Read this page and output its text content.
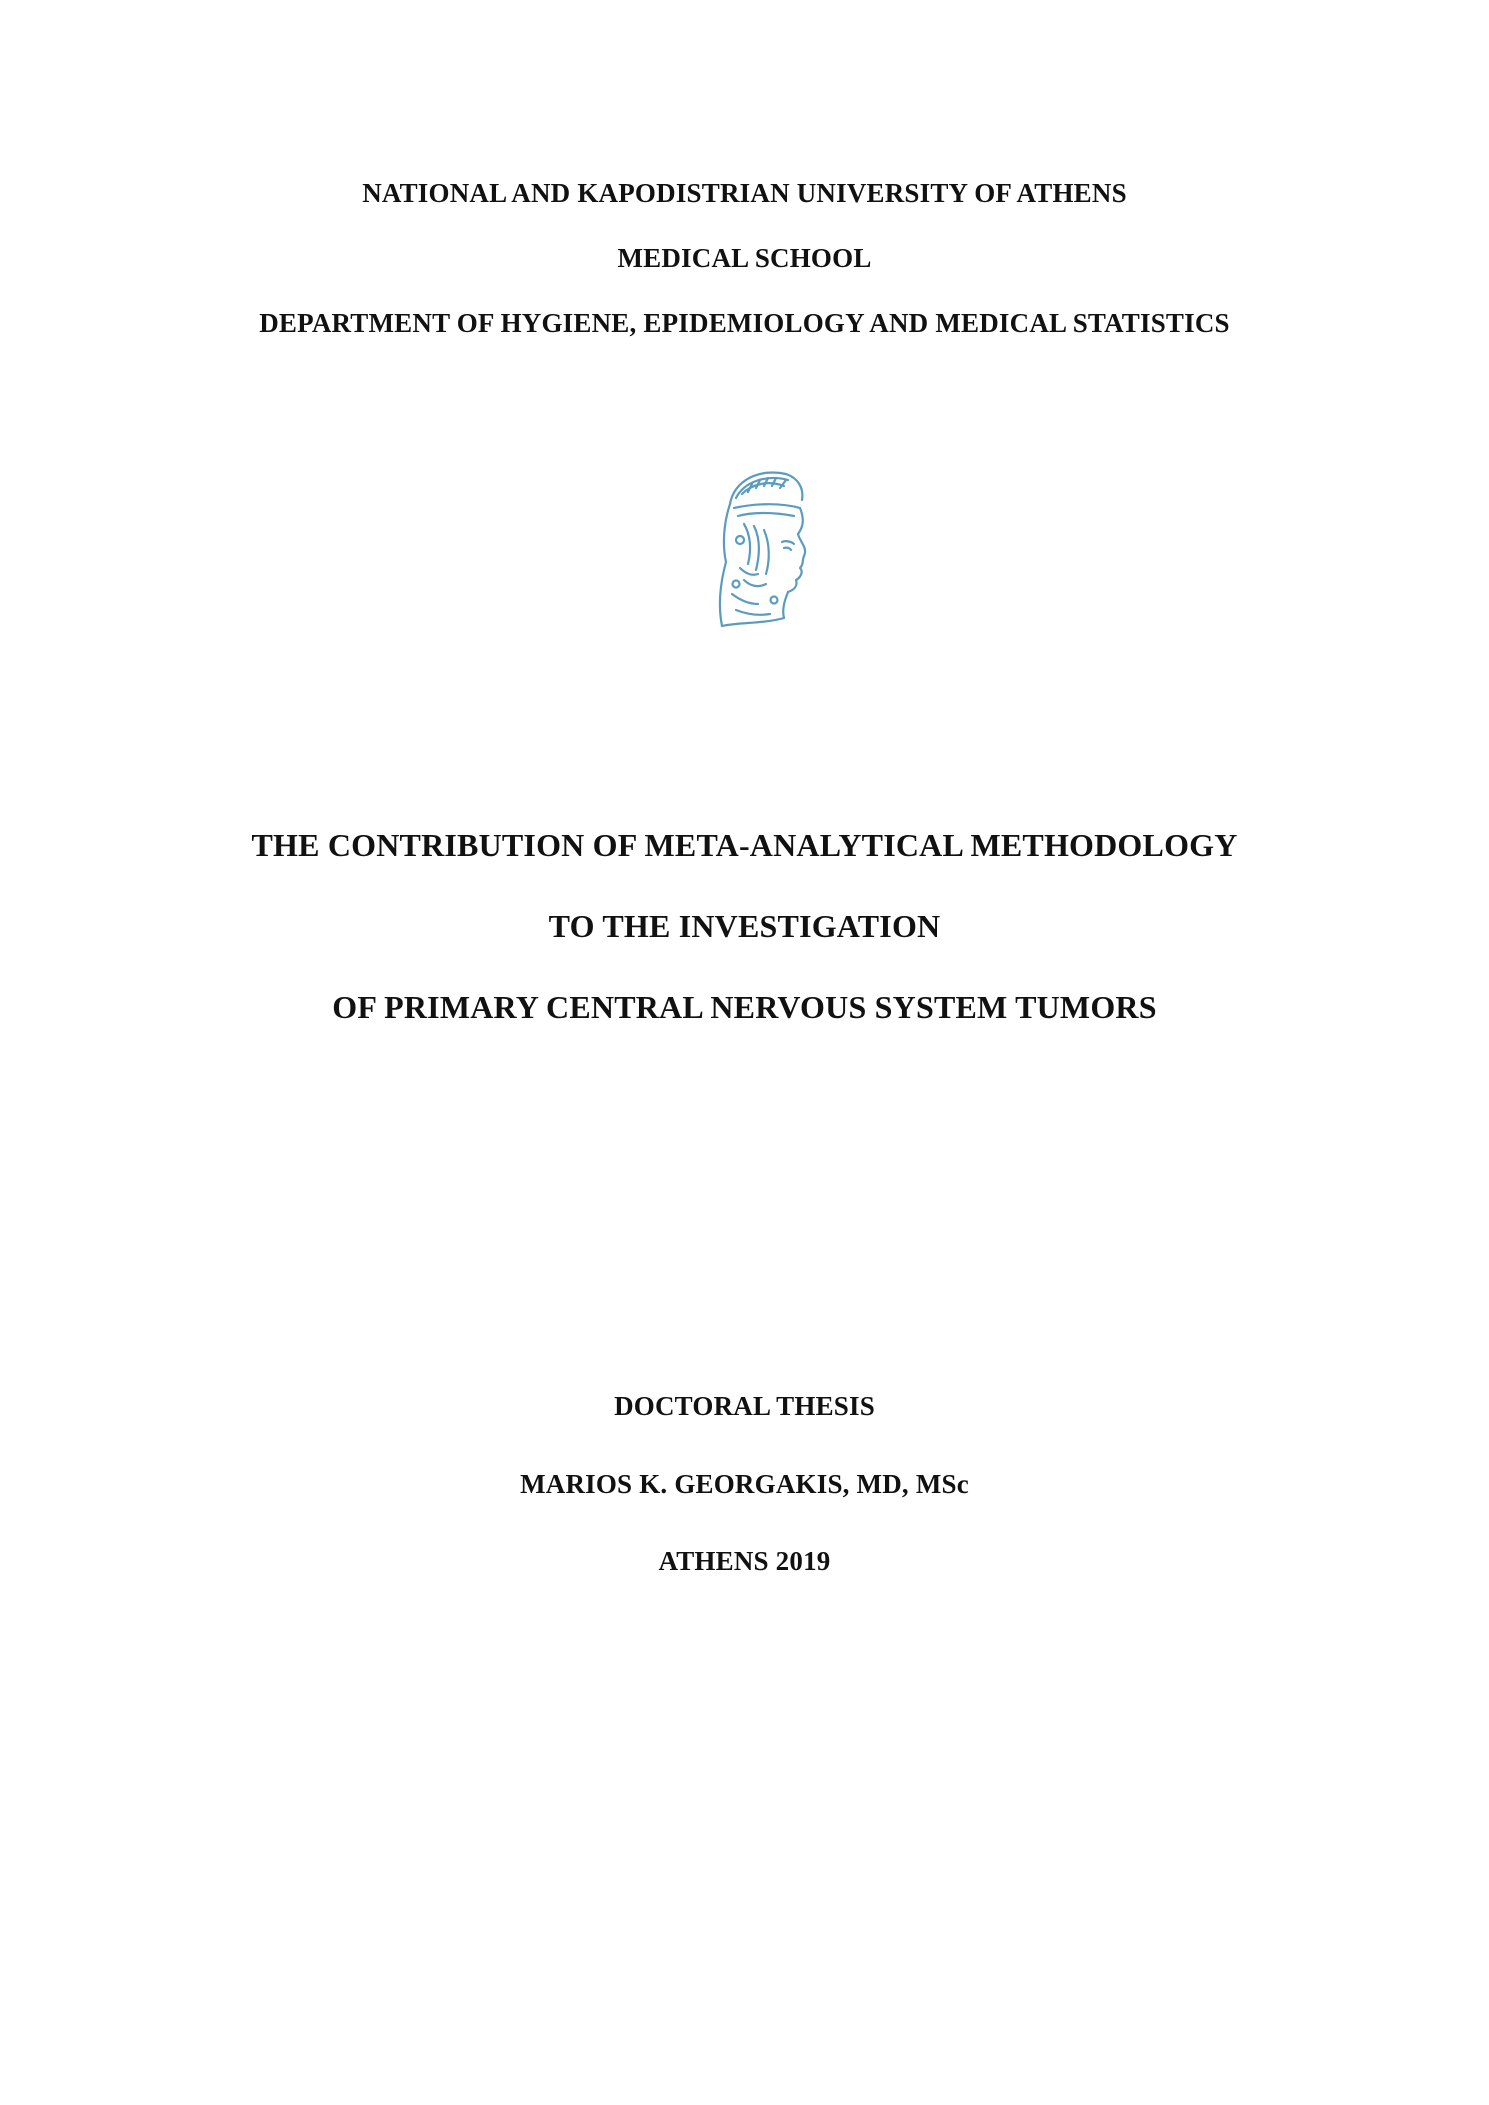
NATIONAL AND KAPODISTRIAN UNIVERSITY OF ATHENS

MEDICAL SCHOOL

DEPARTMENT OF HYGIENE, EPIDEMIOLOGY AND MEDICAL STATISTICS

THE CONTRIBUTION OF META-ANALYTICAL METHODOLOGY

TO THE INVESTIGATION

OF PRIMARY CENTRAL NERVOUS SYSTEM TUMORS

DOCTORAL THESIS

MARIOS K. GEORGAKIS, MD, MSc

ATHENS 2019
